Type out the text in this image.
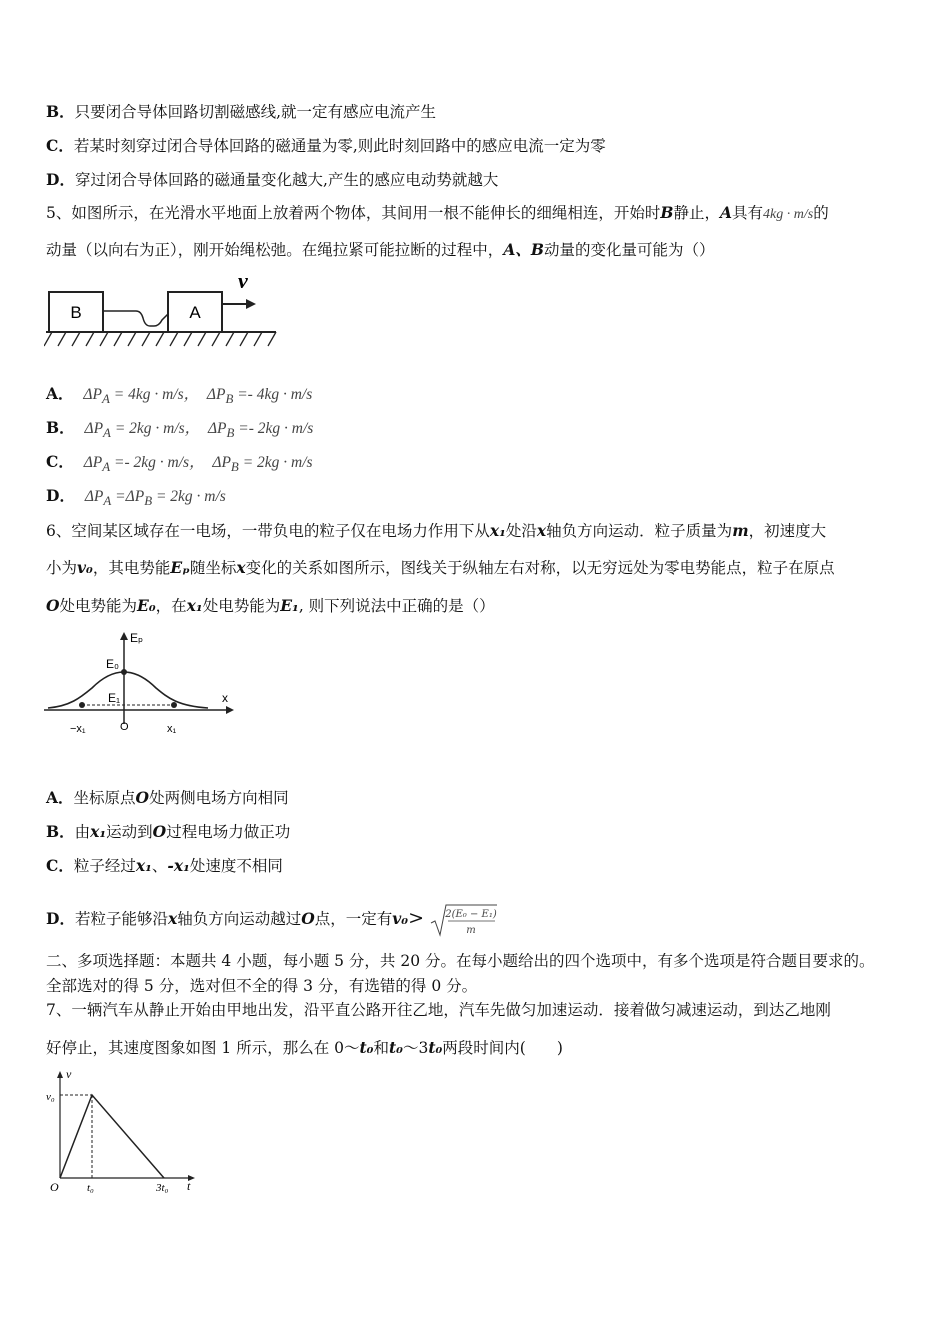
B．只要闭合导体回路切割磁感线,就一定有感应电流产生
C．若某时刻穿过闭合导体回路的磁通量为零,则此时刻回路中的感应电流一定为零
D．穿过闭合导体回路的磁通量变化越大,产生的感应电动势就越大
5、如图所示，在光滑水平地面上放着两个物体，其间用一根不能伸长的细绳相连，开始时B静止，A具有4kg · m/s的
动量（以向右为正），刚开始绳松弛。在绳拉紧可能拉断的过程中，A、B动量的变化量可能为（）
B	A
v
A． $\Delta P_A = 4kg \cdot m/s$， $\Delta P_B =- 4kg \cdot m/s$
B． $\Delta P_A = 2kg \cdot m/s$， $\Delta P_B =- 2kg \cdot m/s$
C． $\Delta P_A =- 2kg \cdot m/s$， $\Delta P_B = 2kg \cdot m/s$
D． $\Delta P_A =\Delta P_B = 2kg \cdot m/s$
6、空间某区域存在一电场，一带负电的粒子仅在电场力作用下从x₁处沿x轴负方向运动．粒子质量为m，初速度大
小为v₀，其电势能Eₚ随坐标x变化的关系如图所示，图线关于纵轴左右对称，以无穷远处为零电势能点，粒子在原点
O处电势能为E₀，在x₁处电势能为E₁, 则下列说法中正确的是（）
Eₚ
E₀
E₁	x
−x₁	O	x₁
A．坐标原点O处两侧电场方向相同
B．由x₁运动到O过程电场力做正功
C．粒子经过x₁、-x₁处速度不相同
D．若粒子能够沿x轴负方向运动越过O点，一定有v₀> 2(E₀ − E₁)
m
二、多项选择题：本题共 4 小题，每小题 5 分，共 20 分。在每小题给出的四个选项中，有多个选项是符合题目要求的。
全部选对的得 5 分，选对但不全的得 3 分，有选错的得 0 分。
7、一辆汽车从静止开始由甲地出发，沿平直公路开往乙地，汽车先做匀加速运动．接着做匀减速运动，到达乙地刚
好停止，其速度图象如图 1 所示，那么在 0～t₀和t₀～3t₀两段时间内(　　)
v
v₀
O	t₀	3t₀ t
